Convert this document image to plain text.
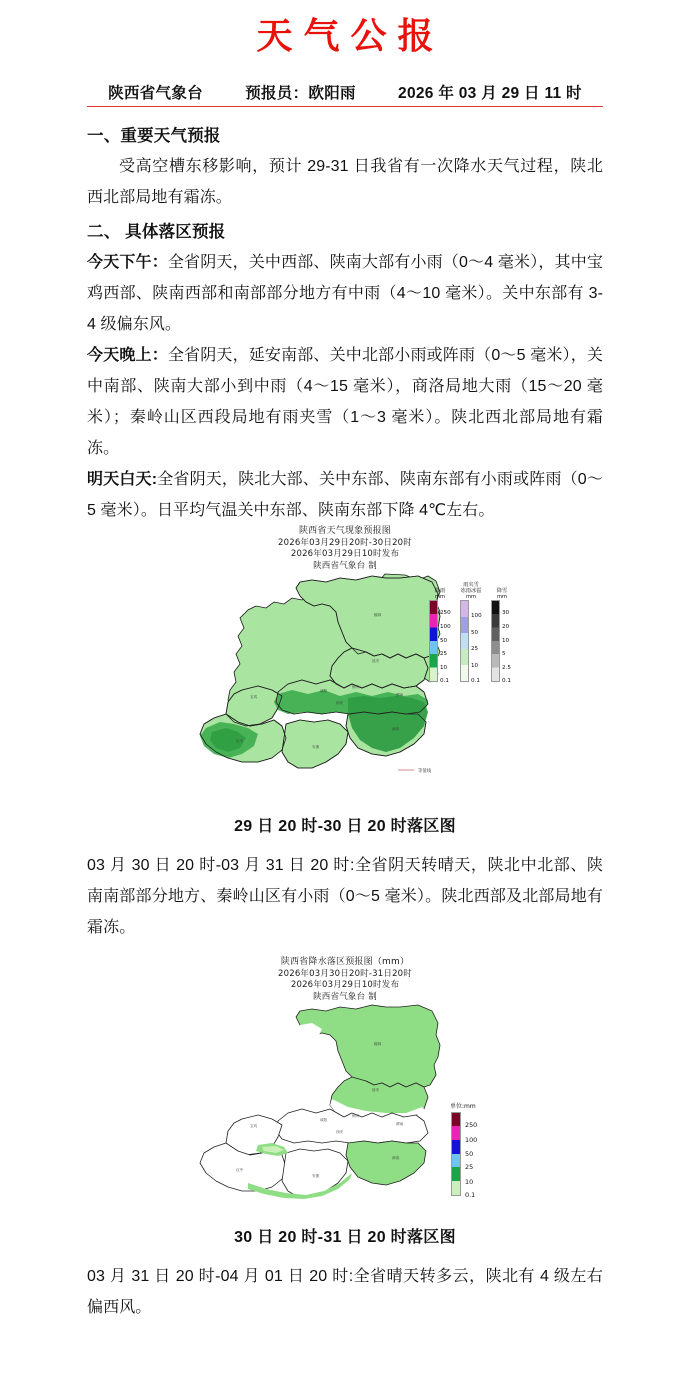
天气公报
陕西省气象台	预报员：欧阳雨	2026 年 03 月 29 日 11 时
一、重要天气预报

受高空槽东移影响，预计 29-31 日我省有一次降水天气过程，陕北西北部局地有霜冻。

二、 具体落区预报

今天下午：全省阴天，关中西部、陕南大部有小雨（0～4 毫米），其中宝鸡西部、陕南西部和南部部分地方有中雨（4～10 毫米）。关中东部有 3-4 级偏东风。

今天晚上：全省阴天，延安南部、关中北部小雨或阵雨（0～5 毫米），关中南部、陕南大部小到中雨（4～15 毫米），商洛局地大雨（15～20 毫米）；秦岭山区西段局地有雨夹雪（1～3 毫米）。陕北西北部局地有霜冻。

明天白天:全省阴天，陕北大部、关中东部、陕南东部有小雨或阵雨（0～5 毫米）。日平均气温关中东部、陕南东部下降 4℃左右。

陕西省天气现象预报图
2026年03月29日20时-30日20时
2026年03月29日10时发布
陕西省气象台 制
榆林
延安
铜川
咸阳
渭南
宝鸡
西安
商洛
汉中
安康
等值线
降雨
mm
250
100
50
25
10
0.1
雨夹雪
冻雨冰雹
mm
100
50
25
10
0.1
降雪
mm
30
20
10
5
2.5
0.1
29 日 20 时-30 日 20 时落区图

03 月 30 日 20 时-03 月 31 日 20 时:全省阴天转晴天，陕北中北部、陕南南部部分地方、秦岭山区有小雨（0～5 毫米）。陕北西部及北部局地有霜冻。

陕西省降水落区预报图（mm）
2026年03月30日20时-31日20时
2026年03月29日10时发布
陕西省气象台 制
榆林
延安
铜川
咸阳
渭南
宝鸡
西安
商洛
汉中
安康
单位:mm
250
100
50
25
10
0.1
30 日 20 时-31 日 20 时落区图

03 月 31 日 20 时-04 月 01 日 20 时:全省晴天转多云，陕北有 4 级左右偏西风。
